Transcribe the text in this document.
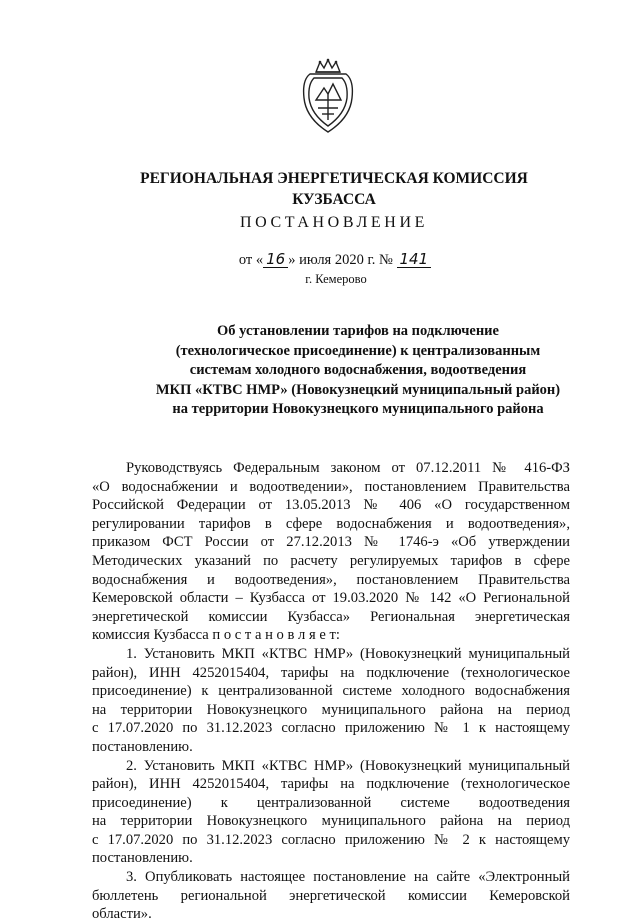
РЕГИОНАЛЬНАЯ ЭНЕРГЕТИЧЕСКАЯ КОМИССИЯ
КУЗБАССА
ПОСТАНОВЛЕНИЕ
от « 16 » июля 2020 г. № 141
г. Кемерово
Об установлении тарифов на подключение
(технологическое присоединение) к централизованным
системам холодного водоснабжения, водоотведения
МКП «КТВС НМР» (Новокузнецкий муниципальный район)
на территории Новокузнецкого муниципального района

Руководствуясь Федеральным законом от 07.12.2011 № 416-ФЗ

«О водоснабжении и водоотведении», постановлением Правительства

Российской Федерации от 13.05.2013 № 406 «О государственном

регулировании тарифов в сфере водоснабжения и водоотведения»,

приказом ФСТ России от 27.12.2013 № 1746-э «Об утверждении

Методических указаний по расчету регулируемых тарифов в сфере

водоснабжения и водоотведения», постановлением Правительства

Кемеровской области – Кузбасса от 19.03.2020 № 142 «О Региональной

энергетической комиссии Кузбасса» Региональная энергетическая

комиссия Кузбасса п о с т а н о в л я е т:

1. Установить МКП «КТВС НМР» (Новокузнецкий муниципальный

район), ИНН 4252015404, тарифы на подключение (технологическое

присоединение) к централизованной системе холодного водоснабжения

на территории Новокузнецкого муниципального района на период

с 17.07.2020 по 31.12.2023 согласно приложению № 1 к настоящему

постановлению.

2. Установить МКП «КТВС НМР» (Новокузнецкий муниципальный

район), ИНН 4252015404, тарифы на подключение (технологическое

присоединение) к централизованной системе водоотведения

на территории Новокузнецкого муниципального района на период

с 17.07.2020 по 31.12.2023 согласно приложению № 2 к настоящему

постановлению.

3. Опубликовать настоящее постановление на сайте «Электронный

бюллетень региональной энергетической комиссии Кемеровской

области».
